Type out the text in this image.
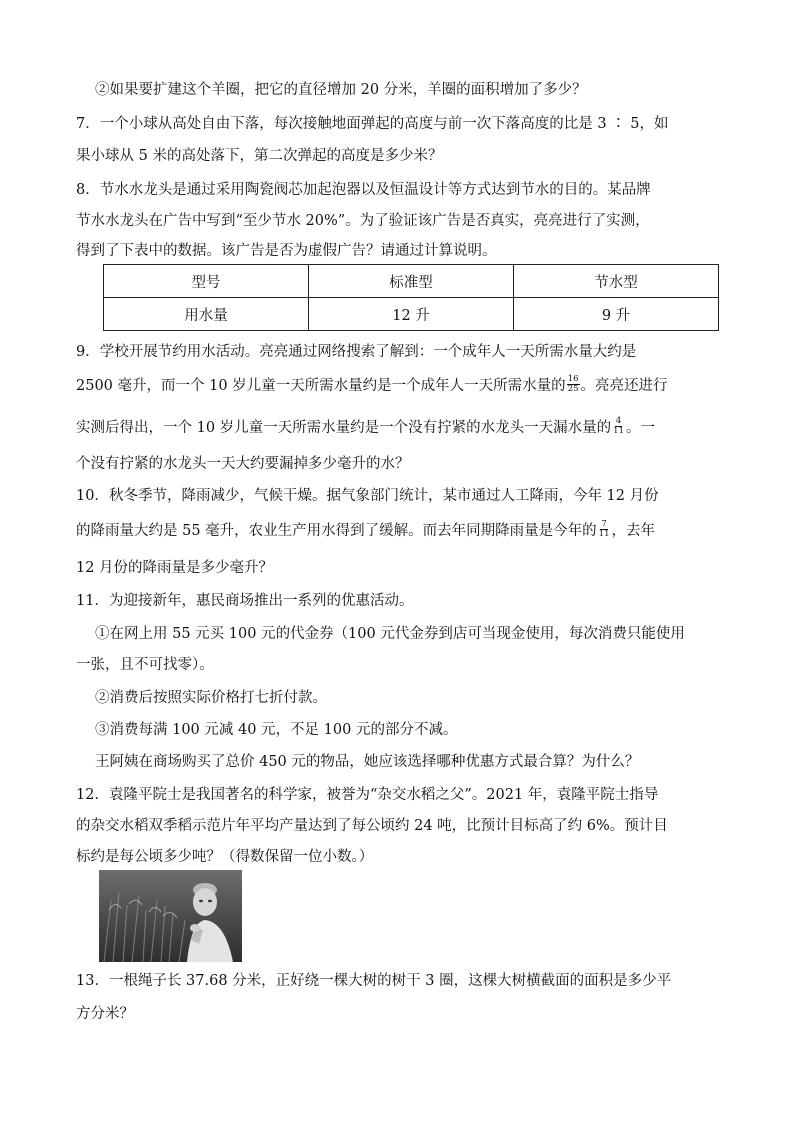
②如果要扩建这个羊圈，把它的直径增加 20 分米，羊圈的面积增加了多少？
7．一个小球从高处自由下落，每次接触地面弹起的高度与前一次下落高度的比是 3 ∶ 5，如
果小球从 5 米的高处落下，第二次弹起的高度是多少米？
8．节水水龙头是通过采用陶瓷阀芯加起泡器以及恒温设计等方式达到节水的目的。某品牌
节水水龙头在广告中写到“至少节水 20%”。为了验证该广告是否真实，亮亮进行了实测，
得到了下表中的数据。该广告是否为虚假广告？请通过计算说明。
型号	标准型	节水型
用水量	12 升	9 升
9．学校开展节约用水活动。亮亮通过网络搜索了解到：一个成年人一天所需水量大约是
2500 毫升，而一个 10 岁儿童一天所需水量约是一个成年人一天所需水量的 $\frac{16}{25}$ 。亮亮还进行
实测后得出，一个 10 岁儿童一天所需水量约是一个没有拧紧的水龙头一天漏水量的 $\frac{4}{11}$ 。一
个没有拧紧的水龙头一天大约要漏掉多少毫升的水？
10．秋冬季节，降雨减少，气候干燥。据气象部门统计，某市通过人工降雨，今年 12 月份
的降雨量大约是 55 毫升，农业生产用水得到了缓解。而去年同期降雨量是今年的 $\frac{7}{11}$ ，去年
12 月份的降雨量是多少毫升？
11．为迎接新年，惠民商场推出一系列的优惠活动。
①在网上用 55 元买 100 元的代金券（100 元代金券到店可当现金使用，每次消费只能使用
一张，且不可找零）。
②消费后按照实际价格打七折付款。
③消费每满 100 元减 40 元，不足 100 元的部分不减。
王阿姨在商场购买了总价 450 元的物品，她应该选择哪种优惠方式最合算？为什么？
12．袁隆平院士是我国著名的科学家，被誉为“杂交水稻之父”。2021 年，袁隆平院士指导
的杂交水稻双季稻示范片年平均产量达到了每公顷约 24 吨，比预计目标高了约 6%。预计目
标约是每公顷多少吨？（得数保留一位小数。）
13．一根绳子长 37.68 分米，正好绕一棵大树的树干 3 圈，这棵大树横截面的面积是多少平
方分米？
